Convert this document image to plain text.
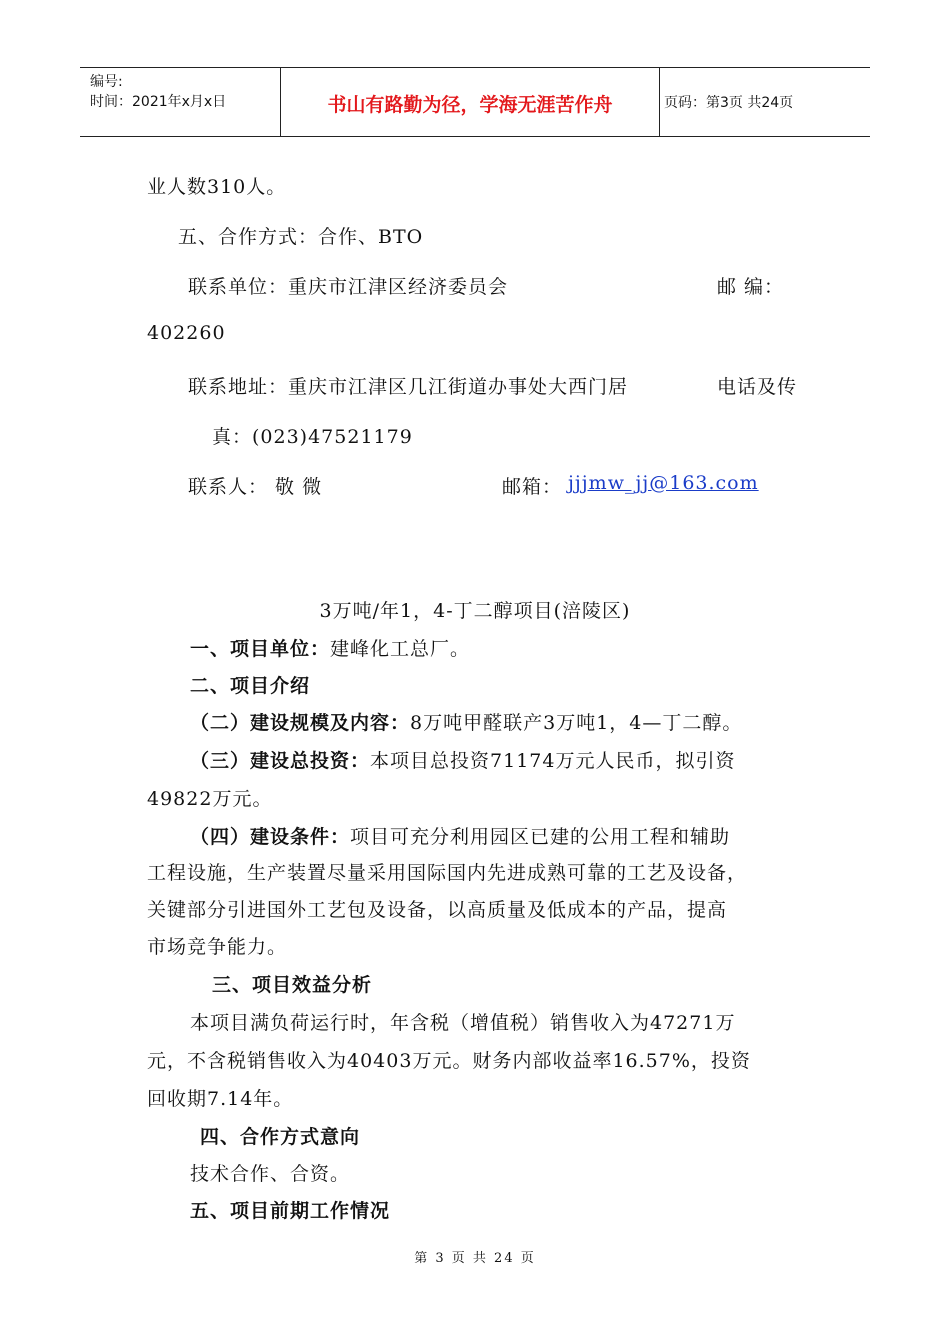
编号:
时间：2021年x月x日	书山有路勤为径，学海无涯苦作舟	页码：第3页 共24页
业人数310人。
五、合作方式：合作、BTO
联系单位：重庆市江津区经济委员会	邮 编：
402260
联系地址：重庆市江津区几江街道办事处大西门居	电话及传
真：(023)47521179
联系人： 敬 微	邮箱： jjjmw_jj@163.com
3万吨/年1，4-丁二醇项目(涪陵区)
一、项目单位：建峰化工总厂。
二、项目介绍
（二）建设规模及内容：8万吨甲醛联产3万吨1，4—丁二醇。
（三）建设总投资：本项目总投资71174万元人民币，拟引资
49822万元。
（四）建设条件：项目可充分利用园区已建的公用工程和辅助
工程设施，生产装置尽量采用国际国内先进成熟可靠的工艺及设备，
关键部分引进国外工艺包及设备，以高质量及低成本的产品，提高
市场竞争能力。
三、项目效益分析
本项目满负荷运行时，年含税（增值税）销售收入为47271万
元，不含税销售收入为40403万元。财务内部收益率16.57%，投资
回收期7.14年。
四、合作方式意向
技术合作、合资。
五、项目前期工作情况
第 3 页 共 24 页
